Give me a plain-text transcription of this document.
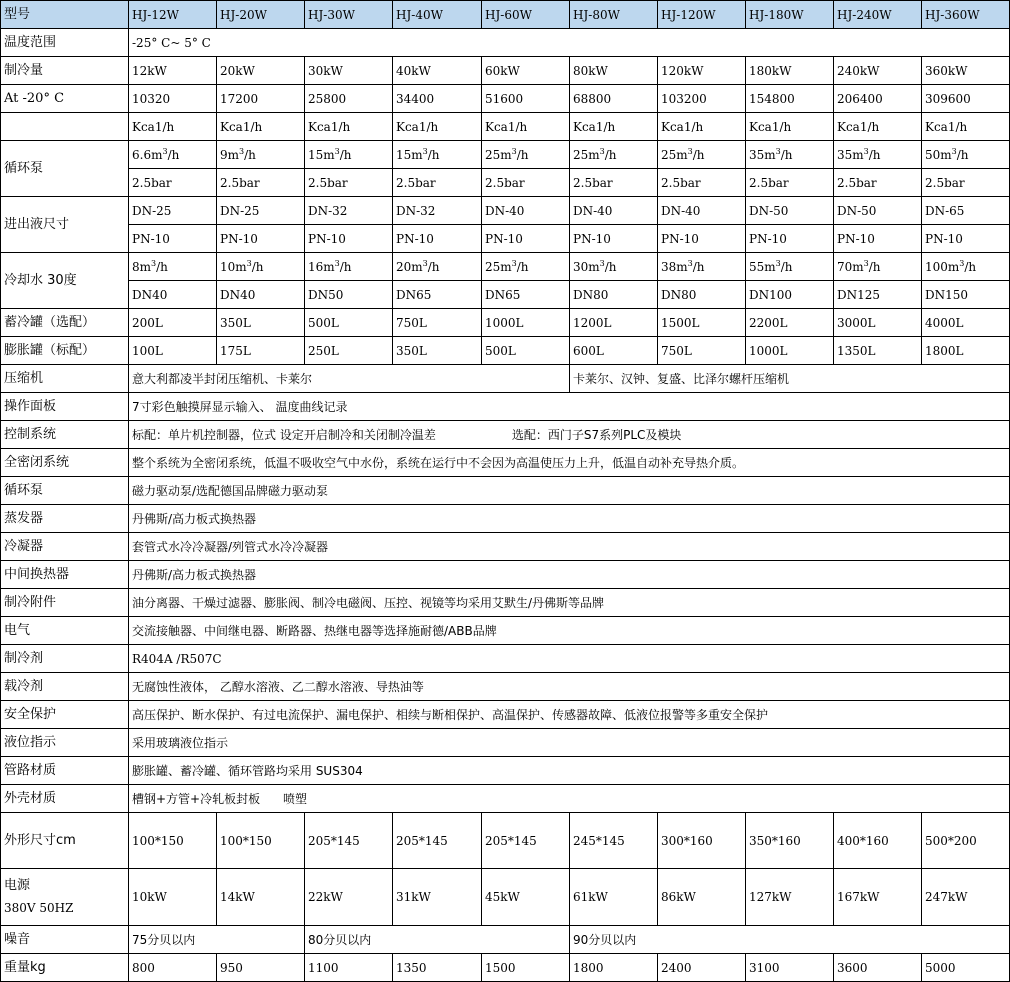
型号	HJ-12W	HJ-20W	HJ-30W	HJ-40W	HJ-60W	HJ-80W	HJ-120W	HJ-180W	HJ-240W	HJ-360W
温度范围	-25° C~ 5° C									
制冷量	12kW	20kW	30kW	40kW	60kW	80kW	120kW	180kW	240kW	360kW
At -20° C	10320	17200	25800	34400	51600	68800	103200	154800	206400	309600
	Kca1/h	Kca1/h	Kca1/h	Kca1/h	Kca1/h	Kca1/h	Kca1/h	Kca1/h	Kca1/h	Kca1/h
循环泵	$6.6m^3/h$	$9m^3/h$	$15m^3/h$	$15m^3/h$	$25m^3/h$	$25m^3/h$	$25m^3/h$	$35m^3/h$	$35m^3/h$	$50m^3/h$
	2.5bar	2.5bar	2.5bar	2.5bar	2.5bar	2.5bar	2.5bar	2.5bar	2.5bar	2.5bar
进出液尺寸	DN-25	DN-25	DN-32	DN-32	DN-40	DN-40	DN-40	DN-50	DN-50	DN-65
	PN-10	PN-10	PN-10	PN-10	PN-10	PN-10	PN-10	PN-10	PN-10	PN-10
冷却水 30度	$8m^3/h$	$10m^3/h$	$16m^3/h$	$20m^3/h$	$25m^3/h$	$30m^3/h$	$38m^3/h$	$55m^3/h$	$70m^3/h$	$100m^3/h$
	DN40	DN40	DN50	DN65	DN65	DN80	DN80	DN100	DN125	DN150
蓄冷罐（选配）	200L	350L	500L	750L	1000L	1200L	1500L	2200L	3000L	4000L
膨胀罐（标配）	100L	175L	250L	350L	500L	600L	750L	1000L	1350L	1800L
压缩机	意大利都凌半封闭压缩机、卡莱尔					卡莱尔、汉钟、复盛、比泽尔螺杆压缩机				
操作面板	7寸彩色触摸屏显示输入、 温度曲线记录									
控制系统	标配：单片机控制器，位式 设定开启制冷和关闭制冷温差 选配：西门子S7系列PLC及模块									
全密闭系统	整个系统为全密闭系统，低温不吸收空气中水份，系统在运行中不会因为高温使压力上升，低温自动补充导热介质。									
循环泵	磁力驱动泵/选配德国品牌磁力驱动泵									
蒸发器	丹佛斯/高力板式换热器									
冷凝器	套管式水冷冷凝器/列管式水冷冷凝器									
中间换热器	丹佛斯/高力板式换热器									
制冷附件	油分离器、干燥过滤器、膨胀阀、制冷电磁阀、压控、视镜等均采用艾默生/丹佛斯等品牌									
电气	交流接触器、中间继电器、断路器、热继电器等选择施耐德/ABB品牌									
制冷剂	R404A /R507C									
载冷剂	无腐蚀性液体， 乙醇水溶液、乙二醇水溶液、导热油等									
安全保护	高压保护、断水保护、有过电流保护、漏电保护、相续与断相保护、高温保护、传感器故障、低液位报警等多重安全保护									
液位指示	采用玻璃液位指示									
管路材质	膨胀罐、蓄冷罐、循环管路均采用 SUS304									
外壳材质	槽钢+方管+冷轧板封板      喷塑									
外形尺寸cm	100*150	100*150	205*145	205*145	205*145	245*145	300*160	350*160	400*160	500*200

电源
380V 50HZ	10kW	14kW	22kW	31kW	45kW	61kW	86kW	127kW	167kW	247kW
噪音	75分贝以内		80分贝以内			90分贝以内				
重量kg	800	950	1100	1350	1500	1800	2400	3100	3600	5000
